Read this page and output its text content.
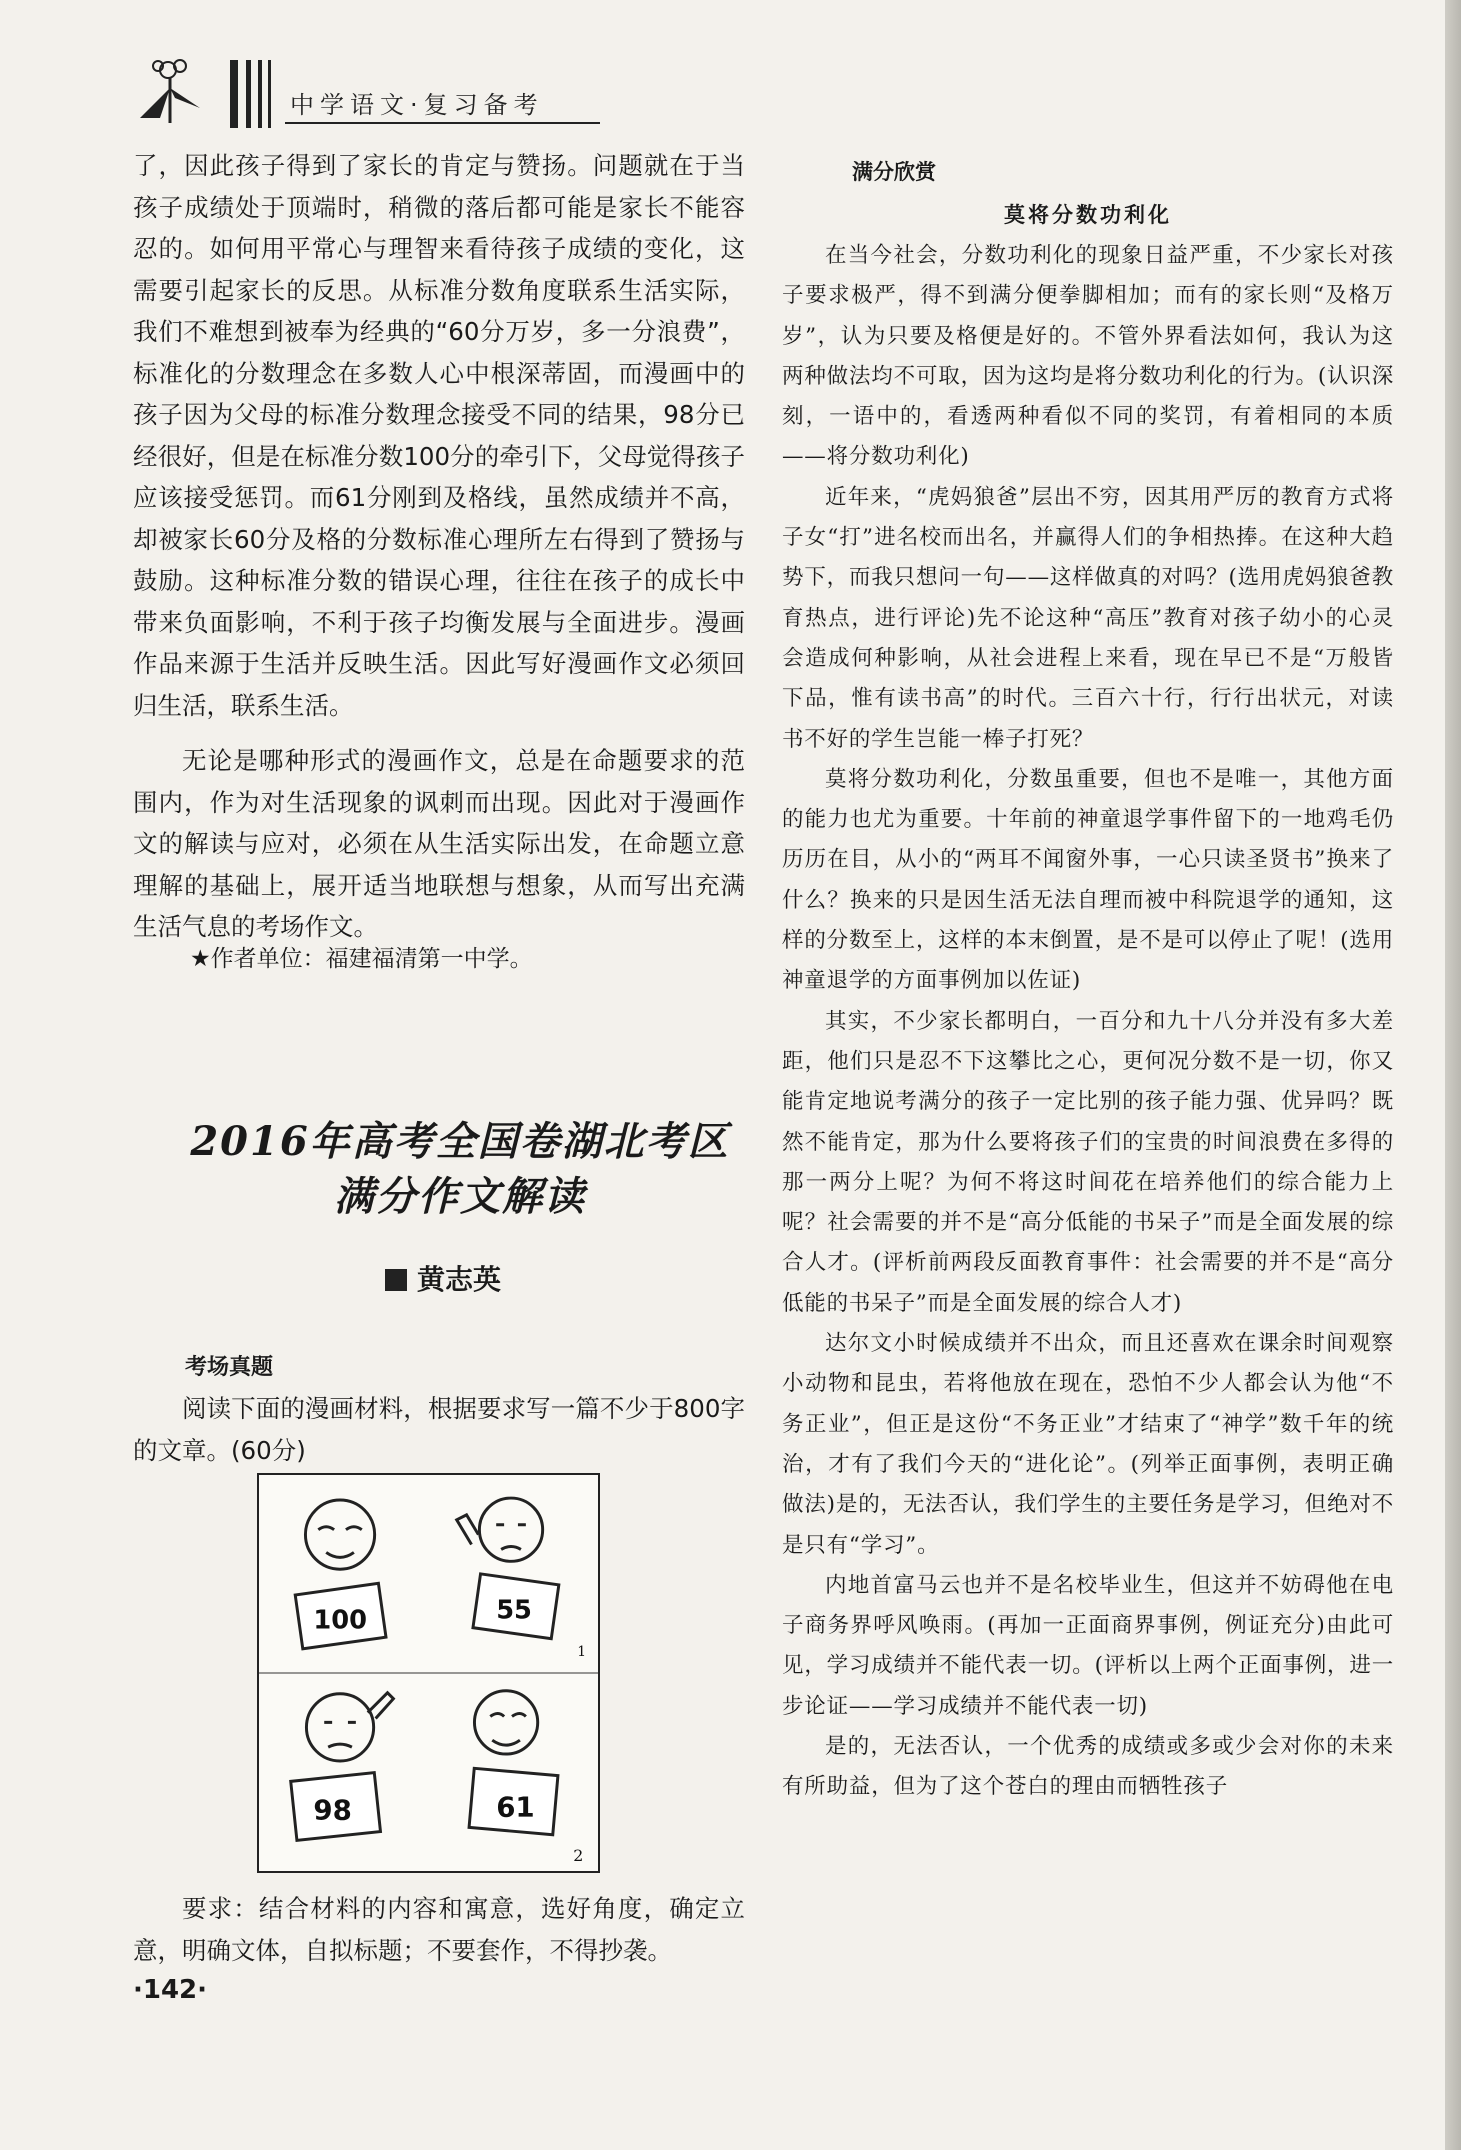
中学语文·复习备考

了，因此孩子得到了家长的肯定与赞扬。问题就在于当孩子成绩处于顶端时，稍微的落后都可能是家长不能容忍的。如何用平常心与理智来看待孩子成绩的变化，这需要引起家长的反思。从标准分数角度联系生活实际，我们不难想到被奉为经典的“60分万岁，多一分浪费”，标准化的分数理念在多数人心中根深蒂固，而漫画中的孩子因为父母的标准分数理念接受不同的结果，98分已经很好，但是在标准分数100分的牵引下，父母觉得孩子应该接受惩罚。而61分刚到及格线，虽然成绩并不高，却被家长60分及格的分数标准心理所左右得到了赞扬与鼓励。这种标准分数的错误心理，往往在孩子的成长中带来负面影响，不利于孩子均衡发展与全面进步。漫画作品来源于生活并反映生活。因此写好漫画作文必须回归生活，联系生活。

无论是哪种形式的漫画作文，总是在命题要求的范围内，作为对生活现象的讽刺而出现。因此对于漫画作文的解读与应对，必须在从生活实际出发，在命题立意理解的基础上，展开适当地联想与想象，从而写出充满生活气息的考场作文。

★作者单位：福建福清第一中学。
2016年高考全国卷湖北考区
满分作文解读
黄志英
考场真题

阅读下面的漫画材料，根据要求写一篇不少于800字的文章。(60分)

100	55
1
98	61
2

要求：结合材料的内容和寓意，选好角度，确定立意，明确文体，自拟标题；不要套作，不得抄袭。

·142·
满分欣赏
莫将分数功利化

在当今社会，分数功利化的现象日益严重，不少家长对孩子要求极严，得不到满分便拳脚相加；而有的家长则“及格万岁”，认为只要及格便是好的。不管外界看法如何，我认为这两种做法均不可取，因为这均是将分数功利化的行为。(认识深刻，一语中的，看透两种看似不同的奖罚，有着相同的本质——将分数功利化)

近年来，“虎妈狼爸”层出不穷，因其用严厉的教育方式将子女“打”进名校而出名，并赢得人们的争相热捧。在这种大趋势下，而我只想问一句——这样做真的对吗？(选用虎妈狼爸教育热点，进行评论)先不论这种“高压”教育对孩子幼小的心灵会造成何种影响，从社会进程上来看，现在早已不是“万般皆下品，惟有读书高”的时代。三百六十行，行行出状元，对读书不好的学生岂能一棒子打死？

莫将分数功利化，分数虽重要，但也不是唯一，其他方面的能力也尤为重要。十年前的神童退学事件留下的一地鸡毛仍历历在目，从小的“两耳不闻窗外事，一心只读圣贤书”换来了什么？换来的只是因生活无法自理而被中科院退学的通知，这样的分数至上，这样的本末倒置，是不是可以停止了呢！(选用神童退学的方面事例加以佐证)

其实，不少家长都明白，一百分和九十八分并没有多大差距，他们只是忍不下这攀比之心，更何况分数不是一切，你又能肯定地说考满分的孩子一定比别的孩子能力强、优异吗？既然不能肯定，那为什么要将孩子们的宝贵的时间浪费在多得的那一两分上呢？为何不将这时间花在培养他们的综合能力上呢？社会需要的并不是“高分低能的书呆子”而是全面发展的综合人才。(评析前两段反面教育事件：社会需要的并不是“高分低能的书呆子”而是全面发展的综合人才)

达尔文小时候成绩并不出众，而且还喜欢在课余时间观察小动物和昆虫，若将他放在现在，恐怕不少人都会认为他“不务正业”，但正是这份“不务正业”才结束了“神学”数千年的统治，才有了我们今天的“进化论”。(列举正面事例，表明正确做法)是的，无法否认，我们学生的主要任务是学习，但绝对不是只有“学习”。

内地首富马云也并不是名校毕业生，但这并不妨碍他在电子商务界呼风唤雨。(再加一正面商界事例，例证充分)由此可见，学习成绩并不能代表一切。(评析以上两个正面事例，进一步论证——学习成绩并不能代表一切)

是的，无法否认，一个优秀的成绩或多或少会对你的未来有所助益，但为了这个苍白的理由而牺牲孩子
